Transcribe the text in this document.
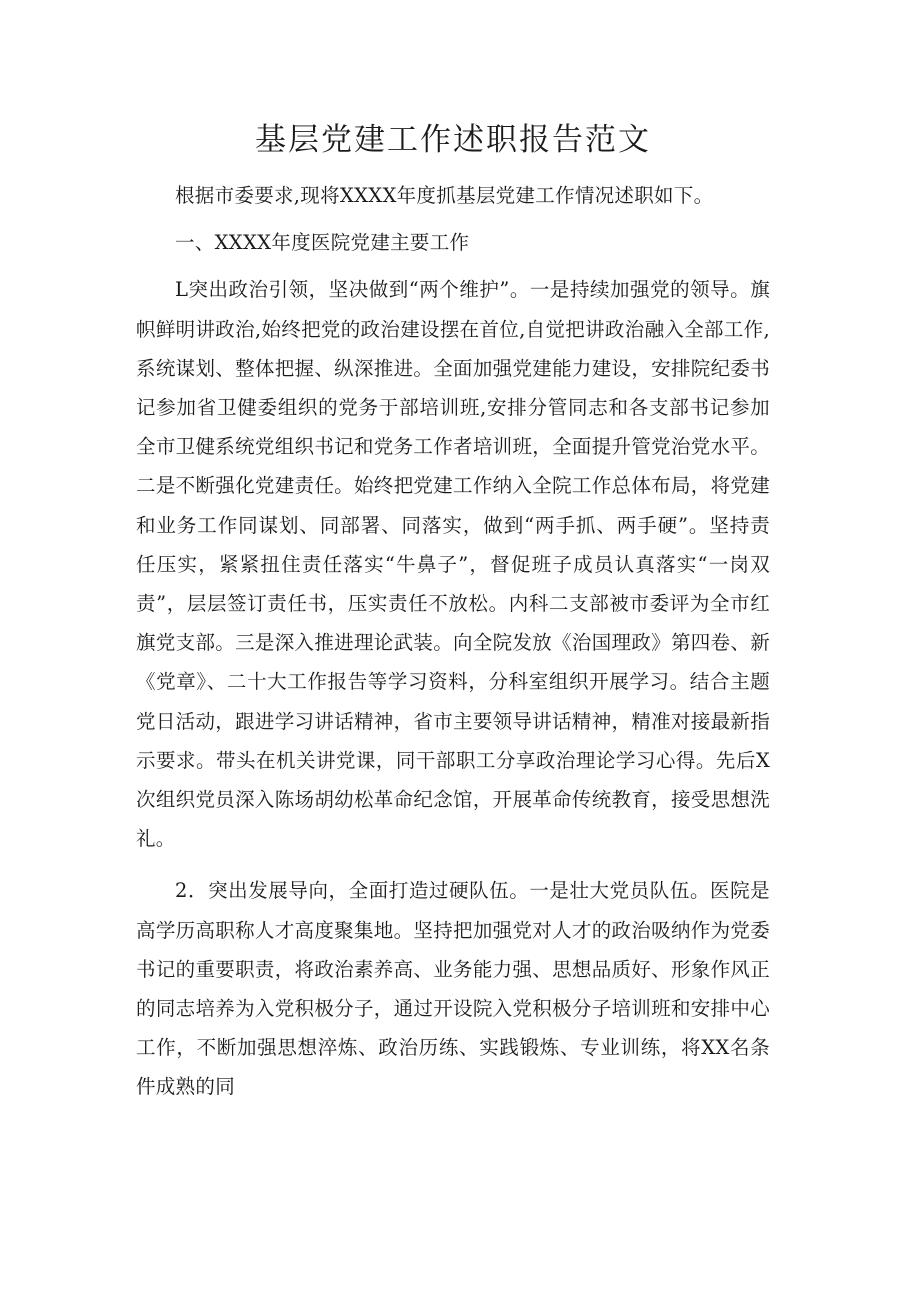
基层党建工作述职报告范文

根据市委要求,现将XXXX年度抓基层党建工作情况述职如下。

一、XXXX年度医院党建主要工作

L突出政治引领，坚决做到“两个维护”。一是持续加强党的领导。旗帜鲜明讲政治,始终把党的政治建设摆在首位,自觉把讲政治融入全部工作,系统谋划、整体把握、纵深推进。全面加强党建能力建设，安排院纪委书记参加省卫健委组织的党务于部培训班,安排分管同志和各支部书记参加全市卫健系统党组织书记和党务工作者培训班，全面提升管党治党水平。二是不断强化党建责任。始终把党建工作纳入全院工作总体布局，将党建和业务工作同谋划、同部署、同落实，做到“两手抓、两手硬”。坚持责任压实，紧紧扭住责任落实“牛鼻子”，督促班子成员认真落实“一岗双责”，层层签订责任书，压实责任不放松。内科二支部被市委评为全市红旗党支部。三是深入推进理论武装。向全院发放《治国理政》第四卷、新《党章》、二十大工作报告等学习资料，分科室组织开展学习。结合主题党日活动，跟进学习讲话精神，省市主要领导讲话精神，精准对接最新指示要求。带头在机关讲党课，同干部职工分享政治理论学习心得。先后X次组织党员深入陈场胡幼松革命纪念馆，开展革命传统教育，接受思想洗礼。

2．突出发展导向，全面打造过硬队伍。一是壮大党员队伍。医院是高学历高职称人才高度聚集地。坚持把加强党对人才的政治吸纳作为党委书记的重要职责，将政治素养高、业务能力强、思想品质好、形象作风正的同志培养为入党积极分子，通过开设院入党积极分子培训班和安排中心工作，不断加强思想淬炼、政治历练、实践锻炼、专业训练，将XX名条件成熟的同
